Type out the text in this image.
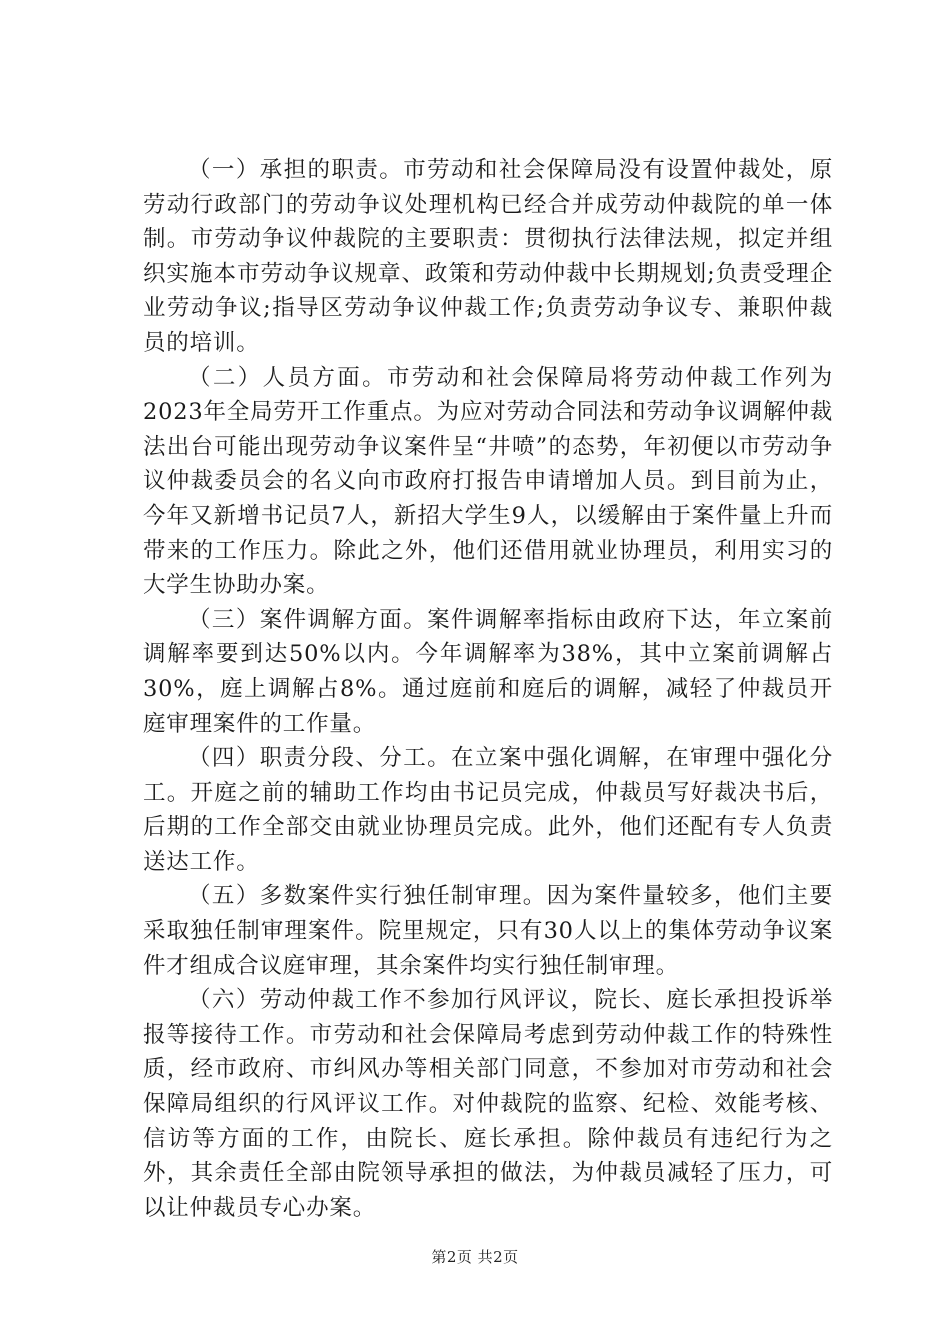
（一）承担的职责。市劳动和社会保障局没有设置仲裁处，原劳动行政部门的劳动争议处理机构已经合并成劳动仲裁院的单一体制。市劳动争议仲裁院的主要职责：贯彻执行法律法规，拟定并组织实施本市劳动争议规章、政策和劳动仲裁中长期规划;负责受理企业劳动争议;指导区劳动争议仲裁工作;负责劳动争议专、兼职仲裁员的培训。

（二）人员方面。市劳动和社会保障局将劳动仲裁工作列为2023年全局劳开工作重点。为应对劳动合同法和劳动争议调解仲裁法出台可能出现劳动争议案件呈“井喷”的态势，年初便以市劳动争议仲裁委员会的名义向市政府打报告申请增加人员。到目前为止，今年又新增书记员7人，新招大学生9人，以缓解由于案件量上升而带来的工作压力。除此之外，他们还借用就业协理员，利用实习的大学生协助办案。

（三）案件调解方面。案件调解率指标由政府下达，年立案前调解率要到达50%以内。今年调解率为38%，其中立案前调解占30%，庭上调解占8%。通过庭前和庭后的调解，减轻了仲裁员开庭审理案件的工作量。

（四）职责分段、分工。在立案中强化调解，在审理中强化分工。开庭之前的辅助工作均由书记员完成，仲裁员写好裁决书后，后期的工作全部交由就业协理员完成。此外，他们还配有专人负责送达工作。

（五）多数案件实行独任制审理。因为案件量较多，他们主要采取独任制审理案件。院里规定，只有30人以上的集体劳动争议案件才组成合议庭审理，其余案件均实行独任制审理。

（六）劳动仲裁工作不参加行风评议，院长、庭长承担投诉举报等接待工作。市劳动和社会保障局考虑到劳动仲裁工作的特殊性质，经市政府、市纠风办等相关部门同意，不参加对市劳动和社会保障局组织的行风评议工作。对仲裁院的监察、纪检、效能考核、信访等方面的工作，由院长、庭长承担。除仲裁员有违纪行为之外，其余责任全部由院领导承担的做法，为仲裁员减轻了压力，可以让仲裁员专心办案。

第2页 共2页
